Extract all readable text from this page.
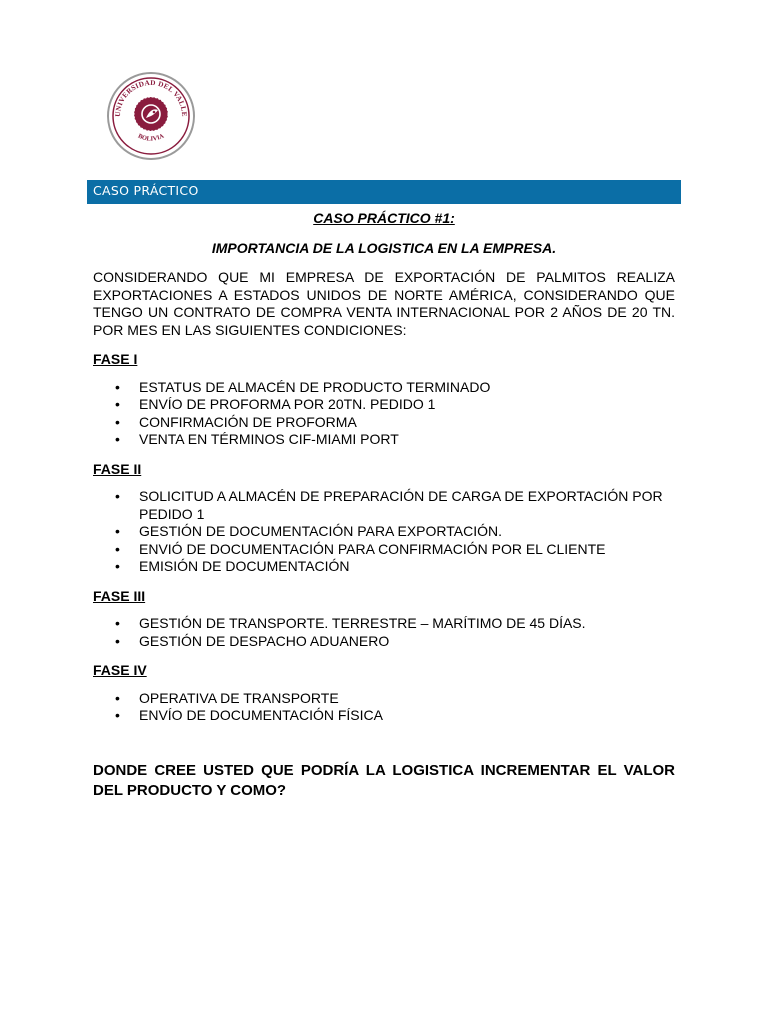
UNIVERSIDAD DEL VALLE
BOLIVIA
CASO PRÁCTICO

CASO PRÁCTICO #1:

IMPORTANCIA DE LA LOGISTICA EN LA EMPRESA.

CONSIDERANDO QUE MI EMPRESA DE EXPORTACIÓN DE PALMITOS REALIZA EXPORTACIONES A ESTADOS UNIDOS DE NORTE AMÉRICA, CONSIDERANDO QUE TENGO UN CONTRATO DE COMPRA VENTA INTERNACIONAL POR 2 AÑOS DE 20 TN. POR MES EN LAS SIGUIENTES CONDICIONES:

FASE I

• ESTATUS DE ALMACÉN DE PRODUCTO TERMINADO
• ENVÍO DE PROFORMA POR 20TN. PEDIDO 1
• CONFIRMACIÓN DE PROFORMA
• VENTA EN TÉRMINOS CIF-MIAMI PORT

FASE II

• SOLICITUD A ALMACÉN DE PREPARACIÓN DE CARGA DE EXPORTACIÓN POR PEDIDO 1
• GESTIÓN DE DOCUMENTACIÓN PARA EXPORTACIÓN.
• ENVIÓ DE DOCUMENTACIÓN PARA CONFIRMACIÓN POR EL CLIENTE
• EMISIÓN DE DOCUMENTACIÓN

FASE III

• GESTIÓN DE TRANSPORTE. TERRESTRE – MARÍTIMO DE 45 DÍAS.
• GESTIÓN DE DESPACHO ADUANERO

FASE IV

• OPERATIVA DE TRANSPORTE
• ENVÍO DE DOCUMENTACIÓN FÍSICA

DONDE CREE USTED QUE PODRÍA LA LOGISTICA INCREMENTAR EL VALOR DEL PRODUCTO Y COMO?
